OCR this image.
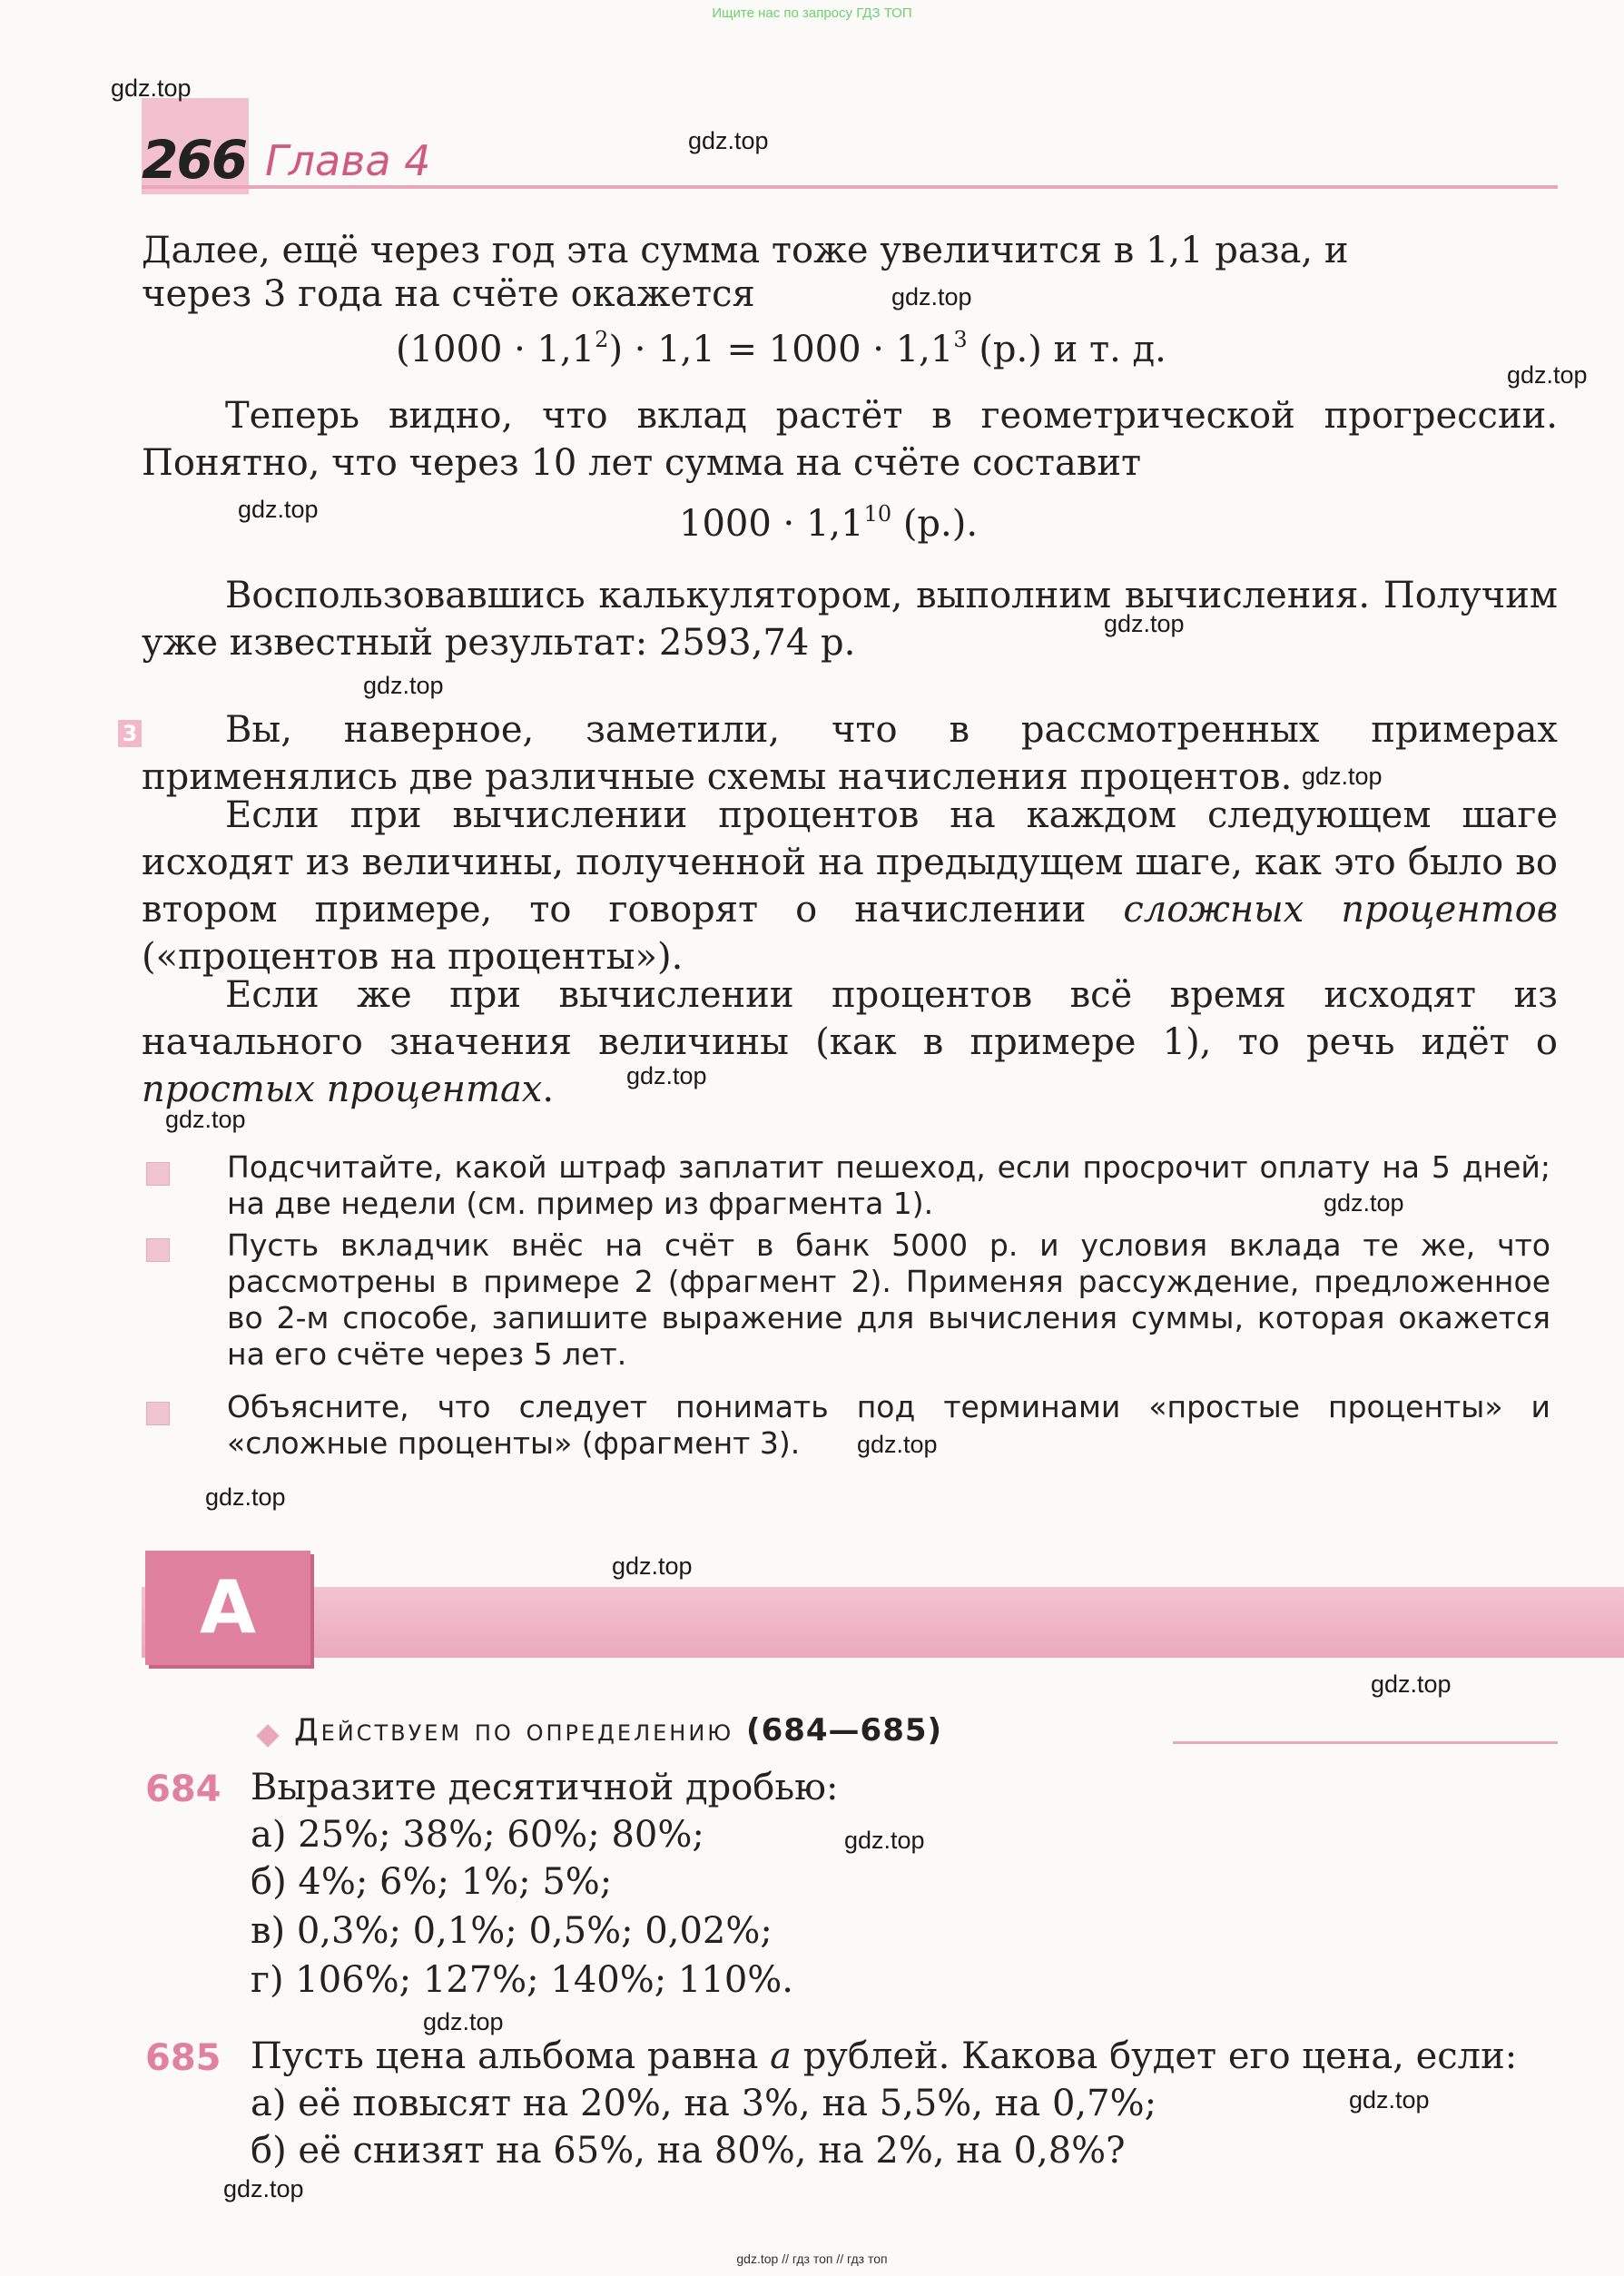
Ищите нас по запросу ГДЗ ТОП
266 Глава 4
Далее, ещё через год эта сумма тоже увеличится в 1,1 раза, и
через 3 года на счёте окажется
$(1000 \cdot 1,1^2) \cdot 1,1 = 1000 \cdot 1,1^3$ (р.) и т. д.
Теперь видно, что вклад растёт в геометрической прогрессии. Понятно, что через 10 лет сумма на счёте составит
$1000 \cdot 1,1^{10}$ (р.).
Воспользовавшись калькулятором, выполним вычисления. Получим уже известный результат: 2593,74 р.
3	Вы, наверное, заметили, что в рассмотренных примерах применялись две различные схемы начисления процентов.
Если при вычислении процентов на каждом следующем шаге исходят из величины, полученной на предыдущем шаге, как это было во втором примере, то говорят о начислении сложных процентов («процентов на проценты»).
Если же при вычислении процентов всё время исходят из начального значения величины (как в примере 1), то речь идёт о простых процентах.
Подсчитайте, какой штраф заплатит пешеход, если просрочит оплату на 5 дней; на две недели (см. пример из фрагмента 1).
Пусть вкладчик внёс на счёт в банк 5000 р. и условия вклада те же, что рассмотрены в примере 2 (фрагмент 2). Применяя рассуждение, предложенное во 2-м способе, запишите выражение для вычисления суммы, которая окажется на его счёте через 5 лет.
Объясните, что следует понимать под терминами «простые проценты» и «сложные проценты» (фрагмент 3).
А
Действуем по определению (684—685)
684 Выразите десятичной дробью:
а) 25%; 38%; 60%; 80%;
б) 4%; 6%; 1%; 5%;
в) 0,3%; 0,1%; 0,5%; 0,02%;
г) 106%; 127%; 140%; 110%.
685 Пусть цена альбома равна a рублей. Какова будет его цена, если:
а) её повысят на 20%, на 3%, на 5,5%, на 0,7%;
б) её снизят на 65%, на 80%, на 2%, на 0,8%?
gdz.top
gdz.top
gdz.top
gdz.top
gdz.top
gdz.top
gdz.top
gdz.top
gdz.top
gdz.top
gdz.top
gdz.top
gdz.top
gdz.top
gdz.top
gdz.top
gdz.top
gdz.top
gdz.top
gdz.top // гдз топ // гдз топ
